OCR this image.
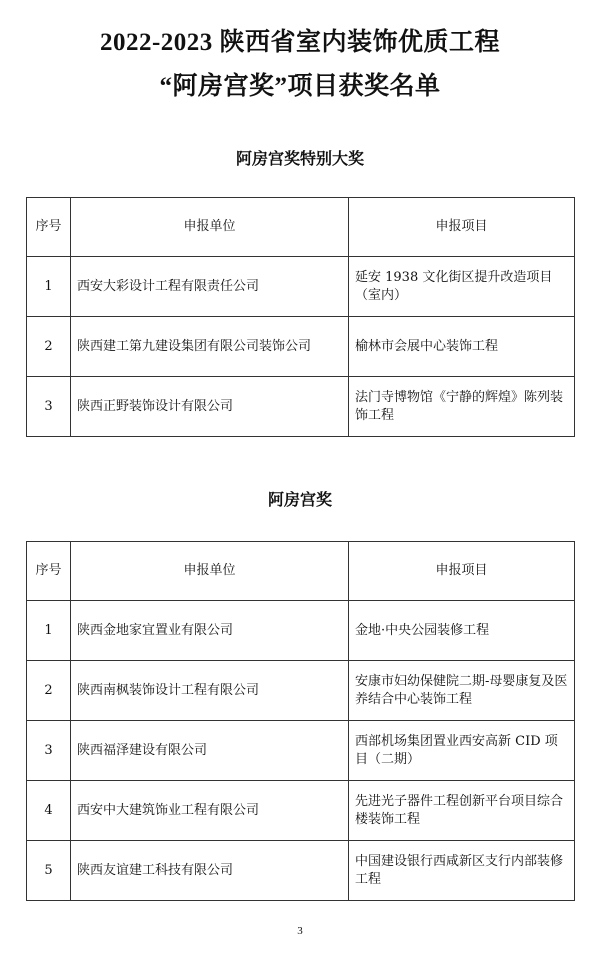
2022-2023 陕西省室内装饰优质工程
“阿房宫奖”项目获奖名单
阿房宫奖特别大奖
序号	申报单位	申报项目
1	西安大彩设计工程有限责任公司	延安 1938 文化街区提升改造项目（室内）
2	陕西建工第九建设集团有限公司装饰公司	榆林市会展中心装饰工程
3	陕西正野装饰设计有限公司	法门寺博物馆《宁静的辉煌》陈列装饰工程
阿房宫奖
序号	申报单位	申报项目
1	陕西金地家宜置业有限公司	金地·中央公园装修工程
2	陕西南枫装饰设计工程有限公司	安康市妇幼保健院二期-母婴康复及医养结合中心装饰工程
3	陕西福泽建设有限公司	西部机场集团置业西安高新 CID 项目（二期）
4	西安中大建筑饰业工程有限公司	先进光子器件工程创新平台项目综合楼装饰工程
5	陕西友谊建工科技有限公司	中国建设银行西咸新区支行内部装修工程
3
